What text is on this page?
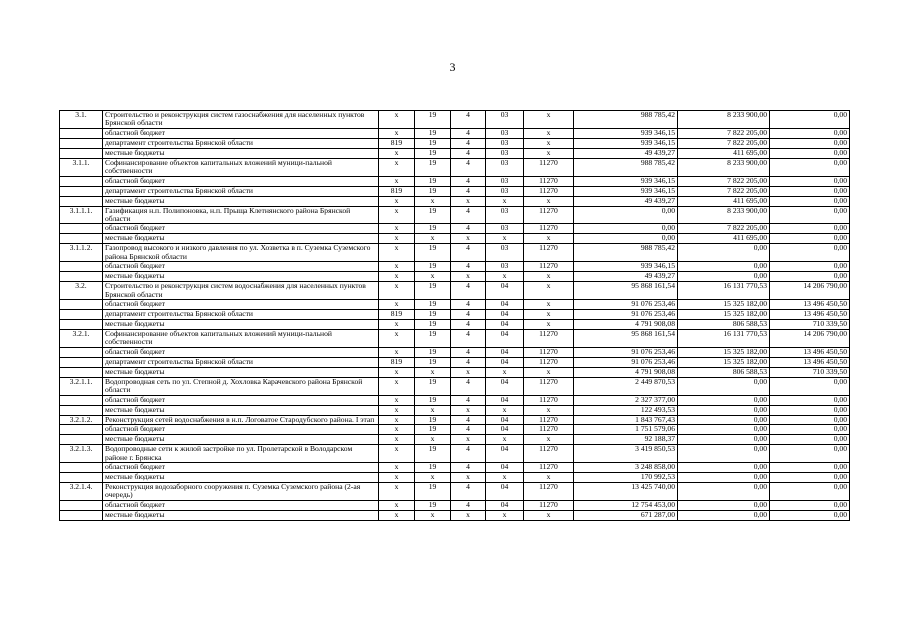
3
3.1.	Строительство и реконструкция систем газоснабжения для населенных пунктов Брянской области	x	19	4	03	x	988 785,42	8 233 900,00	0,00
	областной бюджет	x	19	4	03	x	939 346,15	7 822 205,00	0,00
	департамент строительства Брянской области	819	19	4	03	x	939 346,15	7 822 205,00	0,00
	местные бюджеты	x	19	4	03	x	49 439,27	411 695,00	0,00
3.1.1.	Софинансирование объектов капитальных вложений муници-пальной собственности	x	19	4	03	11270	988 785,42	8 233 900,00	0,00
	областной бюджет	x	19	4	03	11270	939 346,15	7 822 205,00	0,00
	департамент строительства Брянской области	819	19	4	03	11270	939 346,15	7 822 205,00	0,00
	местные бюджеты	x	x	x	x	x	49 439,27	411 695,00	0,00
3.1.1.1.	Газификация н.п. Полипоновка, н.п. Прыща Клетнянского района Брянской области	x	19	4	03	11270	0,00	8 233 900,00	0,00
	областной бюджет	x	19	4	03	11270	0,00	7 822 205,00	0,00
	местные бюджеты	x	x	x	x	x	0,00	411 695,00	0,00
3.1.1.2.	Газопровод высокого и низкого давления по ул. Хозветка в п. Суземка Суземского района Брянской области	x	19	4	03	11270	988 785,42	0,00	0,00
	областной бюджет	x	19	4	03	11270	939 346,15	0,00	0,00
	местные бюджеты	x	x	x	x	x	49 439,27	0,00	0,00
3.2.	Строительство и реконструкция систем водоснабжения для населенных пунктов Брянской области	x	19	4	04	x	95 868 161,54	16 131 770,53	14 206 790,00
	областной бюджет	x	19	4	04	x	91 076 253,46	15 325 182,00	13 496 450,50
	департамент строительства Брянской области	819	19	4	04	x	91 076 253,46	15 325 182,00	13 496 450,50
	местные бюджеты	x	19	4	04	x	4 791 908,08	806 588,53	710 339,50
3.2.1.	Софинансирование объектов капитальных вложений муници-пальной собственности	x	19	4	04	11270	95 868 161,54	16 131 770,53	14 206 790,00
	областной бюджет	x	19	4	04	11270	91 076 253,46	15 325 182,00	13 496 450,50
	департамент строительства Брянской области	819	19	4	04	11270	91 076 253,46	15 325 182,00	13 496 450,50
	местные бюджеты	x	x	x	x	x	4 791 908,08	806 588,53	710 339,50
3.2.1.1.	Водопроводная сеть по ул. Степной д. Хохловка Карачевского района Брянской области	x	19	4	04	11270	2 449 870,53	0,00	0,00
	областной бюджет	x	19	4	04	11270	2 327 377,00	0,00	0,00
	местные бюджеты	x	x	x	x	x	122 493,53	0,00	0,00
3.2.1.2.	Реконструкция сетей водоснабжения в н.п. Логоватое Стародубского района. I этап	x	19	4	04	11270	1 843 767,43	0,00	0,00
	областной бюджет	x	19	4	04	11270	1 751 579,06	0,00	0,00
	местные бюджеты	x	x	x	x	x	92 188,37	0,00	0,00
3.2.1.3.	Водопроводные сети к жилой застройке по ул. Пролетарской в Володарском районе г. Брянска	x	19	4	04	11270	3 419 850,53	0,00	0,00
	областной бюджет	x	19	4	04	11270	3 248 858,00	0,00	0,00
	местные бюджеты	x	x	x	x	x	170 992,53	0,00	0,00
3.2.1.4.	Реконструкция водозаборного сооружения п. Суземка Суземского района (2-ая очередь)	x	19	4	04	11270	13 425 740,00	0,00	0,00
	областной бюджет	x	19	4	04	11270	12 754 453,00	0,00	0,00
	местные бюджеты	x	x	x	x	x	671 287,00	0,00	0,00
